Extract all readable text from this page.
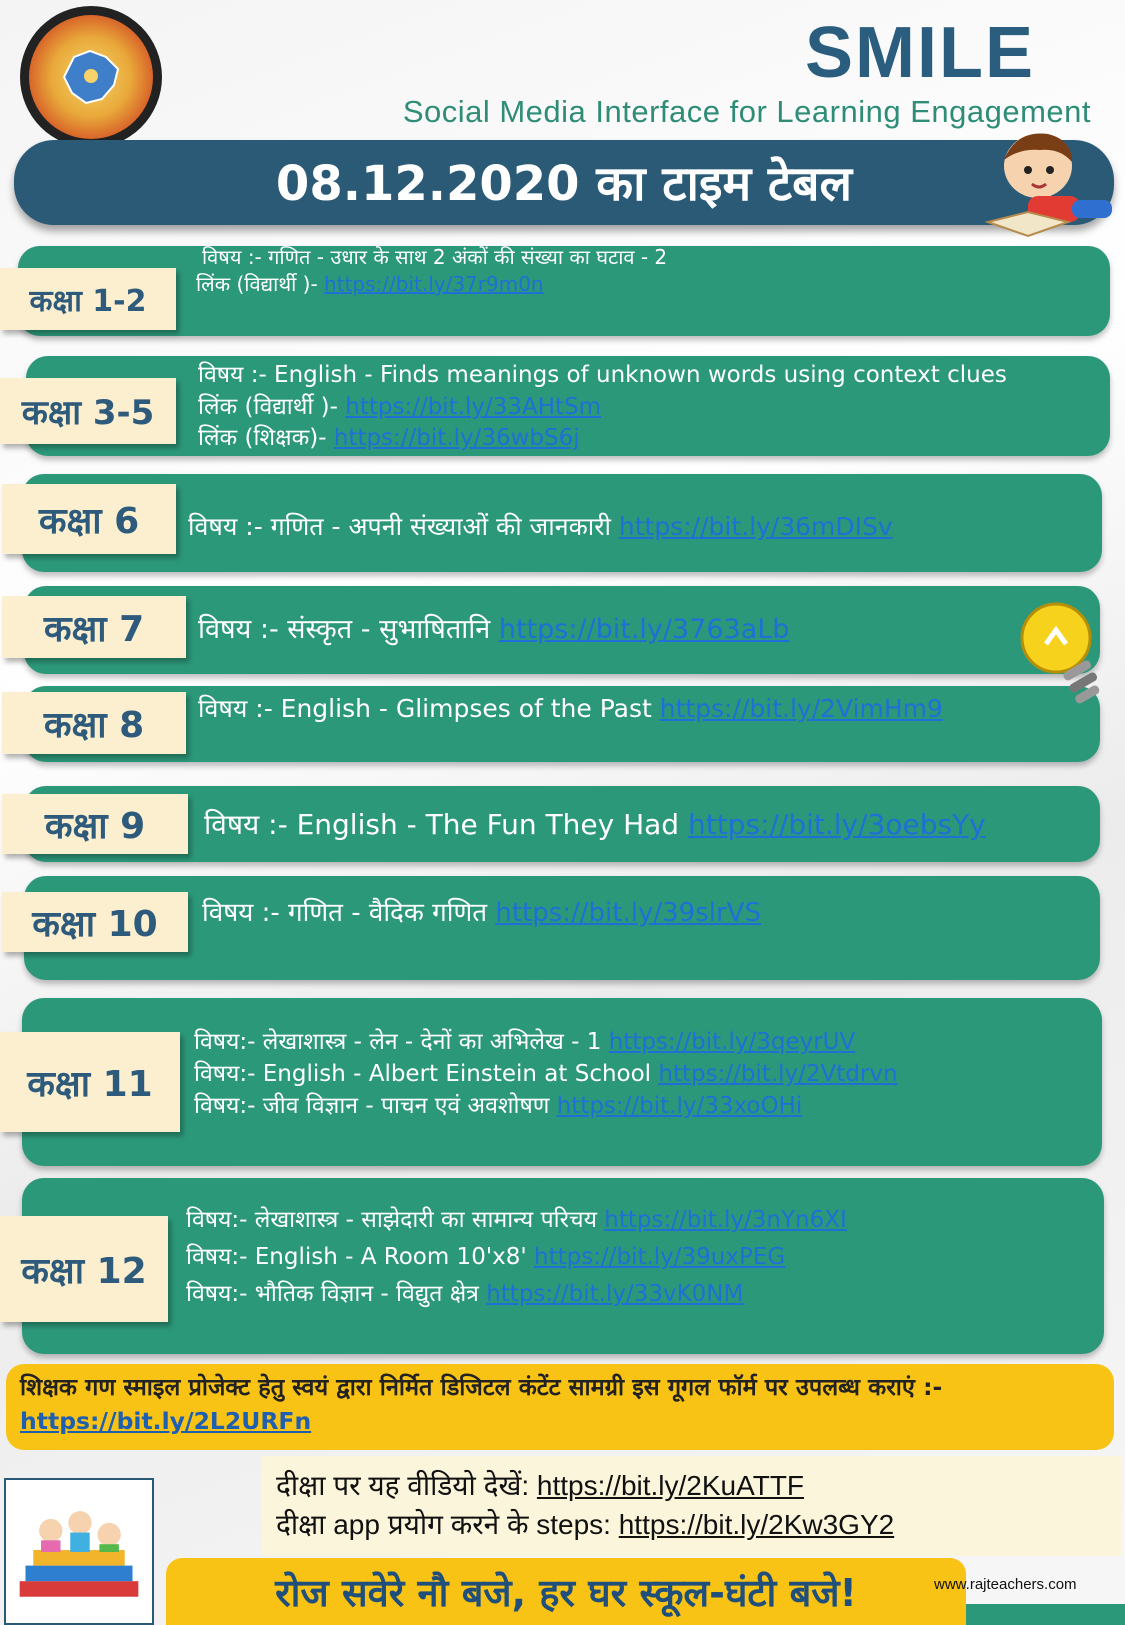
SMILE
Social Media Interface for Learning Engagement
08.12.2020 का टाइम टेबल
कक्षा 1-2
विषय :- गणित - उधार के साथ 2 अंकों की संख्या का घटाव - 2
लिंक (विद्यार्थी )- https://bit.ly/37r9m0n
कक्षा 3-5
विषय :- English - Finds meanings of unknown words using context clues
लिंक (विद्यार्थी )- https://bit.ly/33AHtSm
लिंक (शिक्षक)- https://bit.ly/36wbS6j
कक्षा 6	विषय :- गणित - अपनी संख्याओं की जानकारी https://bit.ly/36mDISv
कक्षा 7	विषय :- संस्कृत - सुभाषितानि https://bit.ly/3763aLb
कक्षा 8	विषय :- English - Glimpses of the Past https://bit.ly/2VimHm9
कक्षा 9	विषय :- English - The Fun They Had https://bit.ly/3oebsYy
कक्षा 10	विषय :- गणित - वैदिक गणित https://bit.ly/39slrVS
कक्षा 11
विषय:- लेखाशास्त्र - लेन - देनों का अभिलेख - 1 https://bit.ly/3qeyrUV
विषय:- English - Albert Einstein at School https://bit.ly/2Vtdrvn
विषय:- जीव विज्ञान - पाचन एवं अवशोषण https://bit.ly/33xoOHi
कक्षा 12
विषय:- लेखाशास्त्र - साझेदारी का सामान्य परिचय https://bit.ly/3nYn6XI
विषय:- English - A Room 10'x8' https://bit.ly/39uxPEG
विषय:- भौतिक विज्ञान - विद्युत क्षेत्र https://bit.ly/33vK0NM
शिक्षक गण स्माइल प्रोजेक्ट हेतु स्वयं द्वारा निर्मित डिजिटल कंटेंट सामग्री इस गूगल फॉर्म पर उपलब्ध कराएं :- https://bit.ly/2L2URFn
दीक्षा पर यह वीडियो देखें: https://bit.ly/2KuATTF
दीक्षा app प्रयोग करने के steps: https://bit.ly/2Kw3GY2
रोज सवेरे नौ बजे, हर घर स्कूल-घंटी बजे!	www.rajteachers.com
